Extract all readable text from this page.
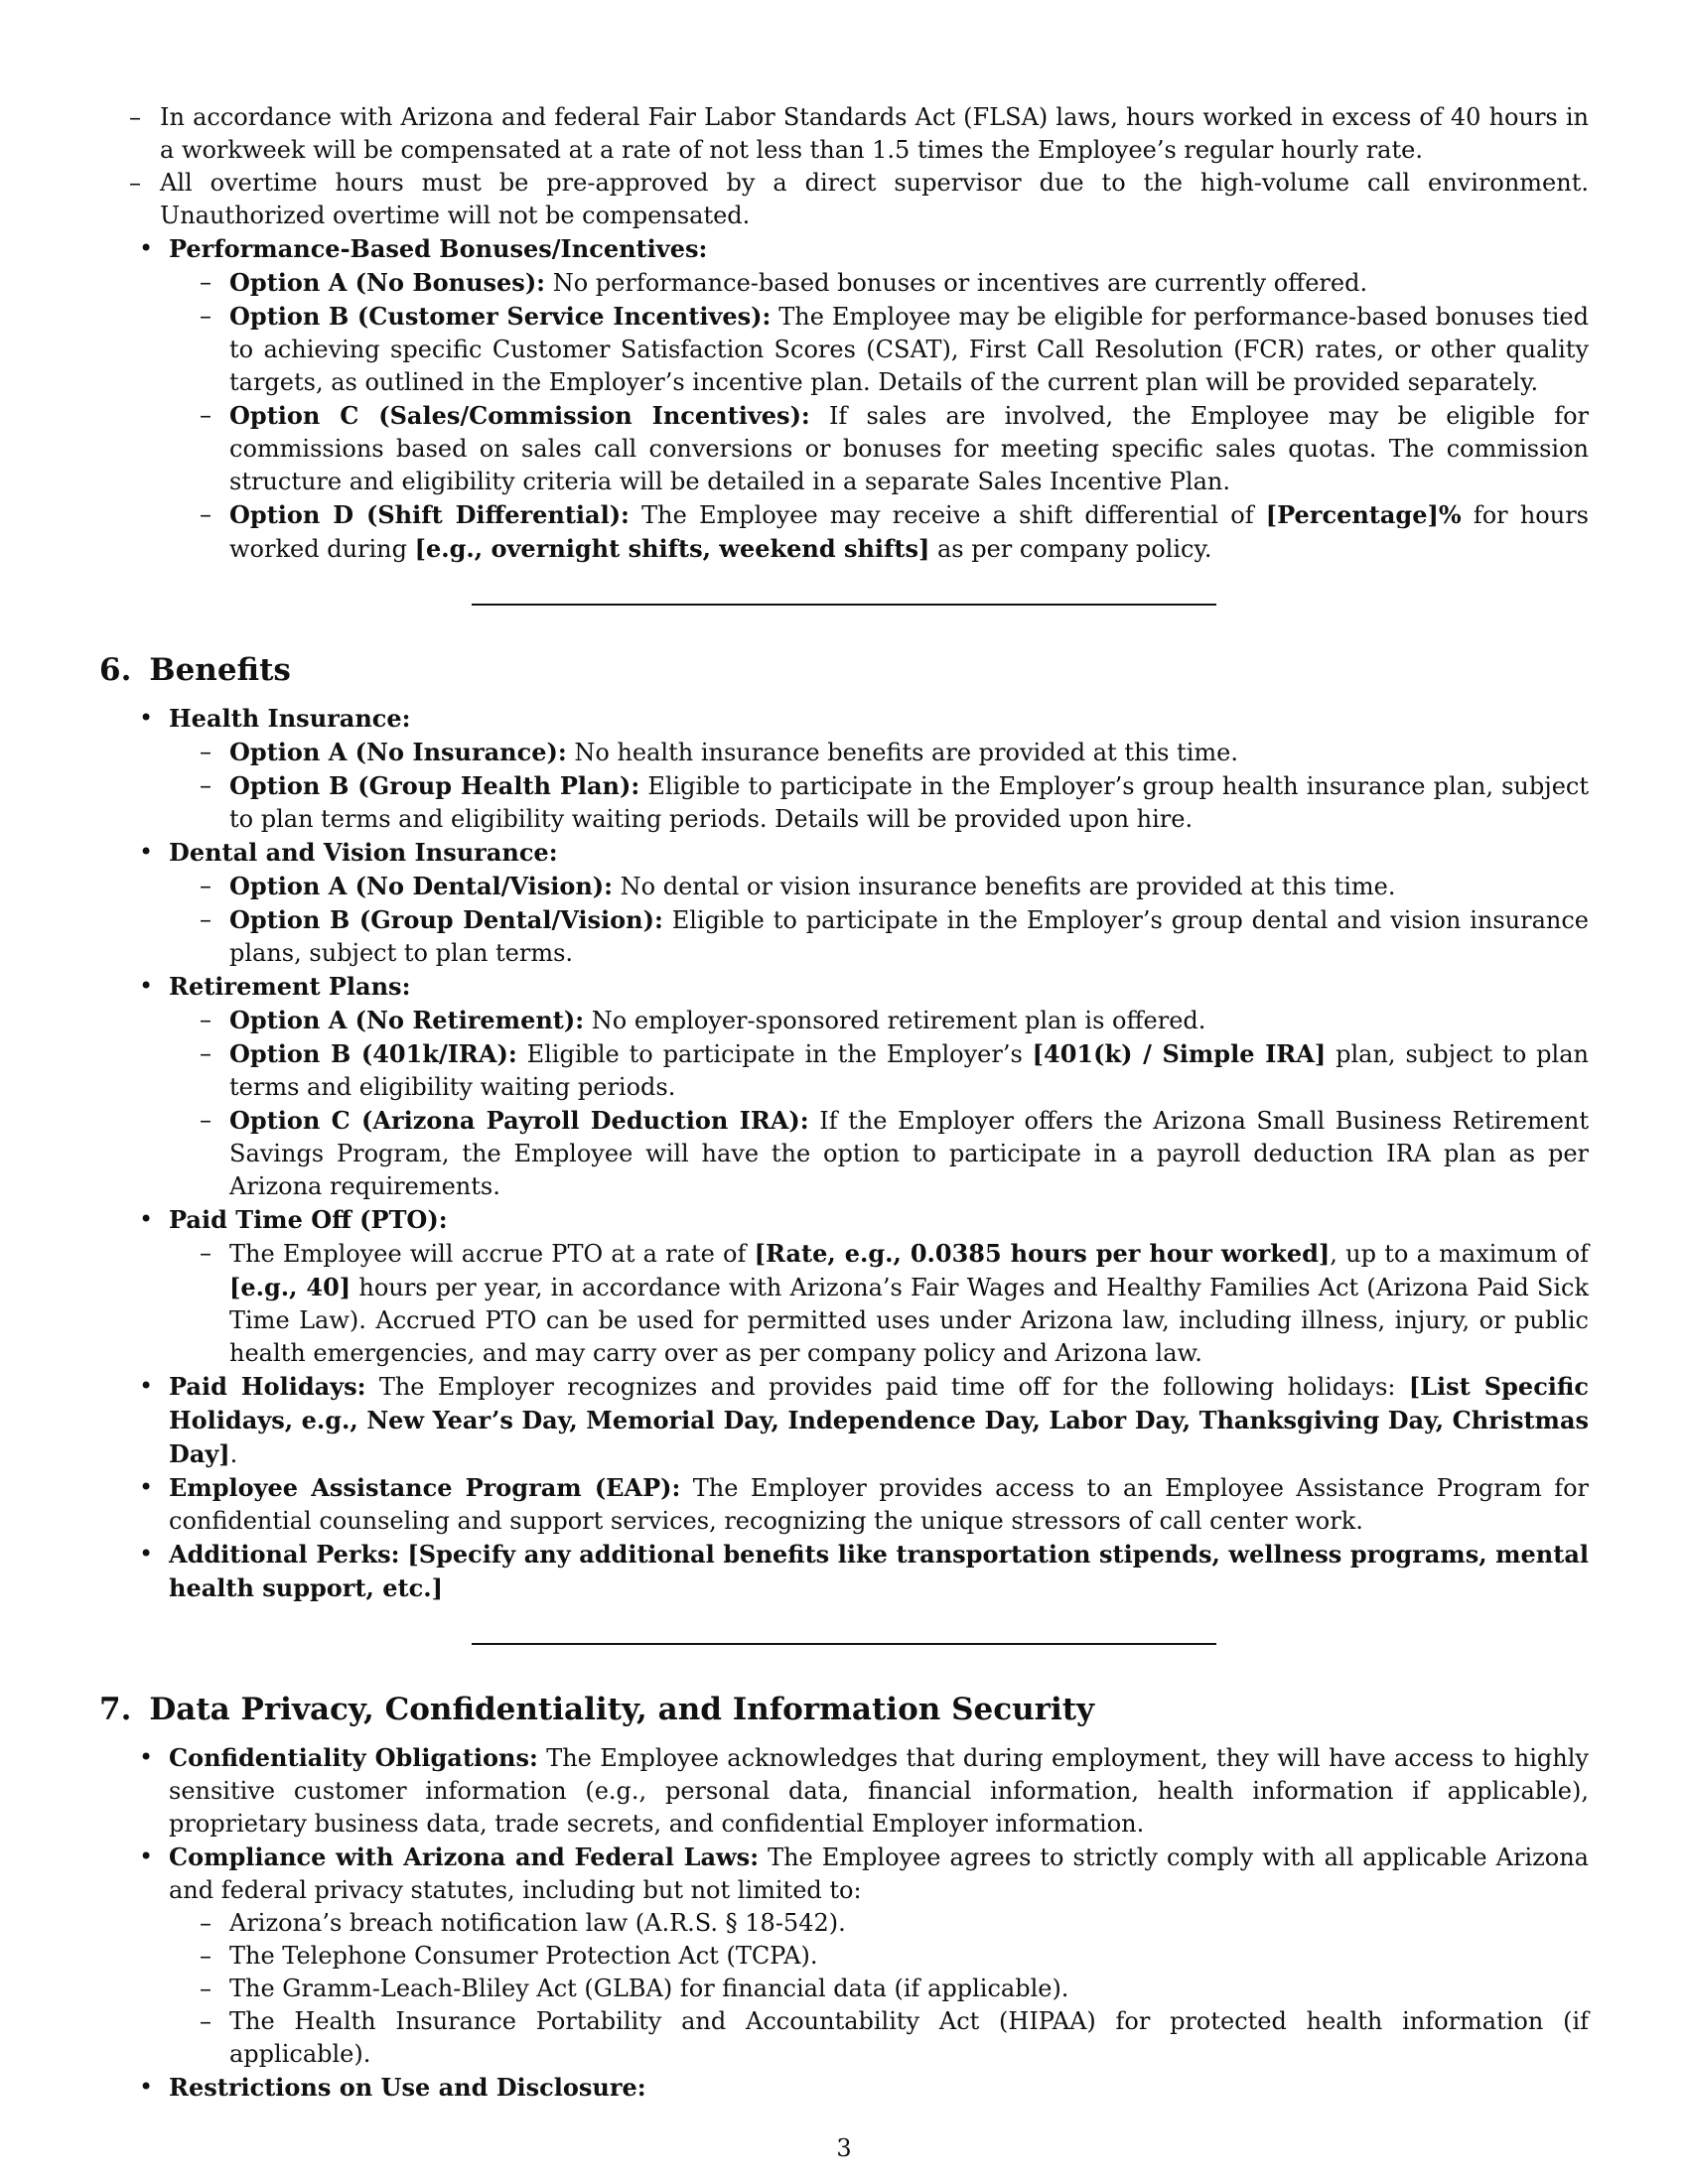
– In accordance with Arizona and federal Fair Labor Standards Act (FLSA) laws, hours worked in excess of 40 hours in a workweek will be compensated at a rate of not less than 1.5 times the Employee’s regular hourly rate.
– All overtime hours must be pre-approved by a direct supervisor due to the high-volume call environment. Unauthorized overtime will not be compensated.
• Performance-Based Bonuses/Incentives:
– Option A (No Bonuses): No performance-based bonuses or incentives are currently offered.
– Option B (Customer Service Incentives): The Employee may be eligible for performance-based bonuses tied to achieving specific Customer Satisfaction Scores (CSAT), First Call Resolution (FCR) rates, or other quality targets, as outlined in the Employer’s incentive plan. Details of the current plan will be provided separately.
– Option C (Sales/Commission Incentives): If sales are involved, the Employee may be eligible for commissions based on sales call conversions or bonuses for meeting specific sales quotas. The commission structure and eligibility criteria will be detailed in a separate Sales Incentive Plan.
– Option D (Shift Differential): The Employee may receive a shift differential of [Percentage]% for hours worked during [e.g., overnight shifts, weekend shifts] as per company policy.
6. Benefits
• Health Insurance:
– Option A (No Insurance): No health insurance benefits are provided at this time.
– Option B (Group Health Plan): Eligible to participate in the Employer’s group health insurance plan, subject to plan terms and eligibility waiting periods. Details will be provided upon hire.
• Dental and Vision Insurance:
– Option A (No Dental/Vision): No dental or vision insurance benefits are provided at this time.
– Option B (Group Dental/Vision): Eligible to participate in the Employer’s group dental and vision insurance plans, subject to plan terms.
• Retirement Plans:
– Option A (No Retirement): No employer-sponsored retirement plan is offered.
– Option B (401k/IRA): Eligible to participate in the Employer’s [401(k) / Simple IRA] plan, subject to plan terms and eligibility waiting periods.
– Option C (Arizona Payroll Deduction IRA): If the Employer offers the Arizona Small Business Retirement Savings Program, the Employee will have the option to participate in a payroll deduction IRA plan as per Arizona requirements.
• Paid Time Off (PTO):
– The Employee will accrue PTO at a rate of [Rate, e.g., 0.0385 hours per hour worked], up to a maximum of [e.g., 40] hours per year, in accordance with Arizona’s Fair Wages and Healthy Families Act (Arizona Paid Sick Time Law). Accrued PTO can be used for permitted uses under Arizona law, including illness, injury, or public health emergencies, and may carry over as per company policy and Arizona law.
• Paid Holidays: The Employer recognizes and provides paid time off for the following holidays: [List Specific Holidays, e.g., New Year’s Day, Memorial Day, Independence Day, Labor Day, Thanksgiving Day, Christmas Day].
• Employee Assistance Program (EAP): The Employer provides access to an Employee Assistance Program for confidential counseling and support services, recognizing the unique stressors of call center work.
• Additional Perks: [Specify any additional benefits like transportation stipends, wellness programs, mental health support, etc.]
7. Data Privacy, Confidentiality, and Information Security
• Confidentiality Obligations: The Employee acknowledges that during employment, they will have access to highly sensitive customer information (e.g., personal data, financial information, health information if applicable), proprietary business data, trade secrets, and confidential Employer information.
• Compliance with Arizona and Federal Laws: The Employee agrees to strictly comply with all applicable Arizona and federal privacy statutes, including but not limited to:
– Arizona’s breach notification law (A.R.S. § 18-542).
– The Telephone Consumer Protection Act (TCPA).
– The Gramm-Leach-Bliley Act (GLBA) for financial data (if applicable).
– The Health Insurance Portability and Accountability Act (HIPAA) for protected health information (if applicable).
• Restrictions on Use and Disclosure:
3
